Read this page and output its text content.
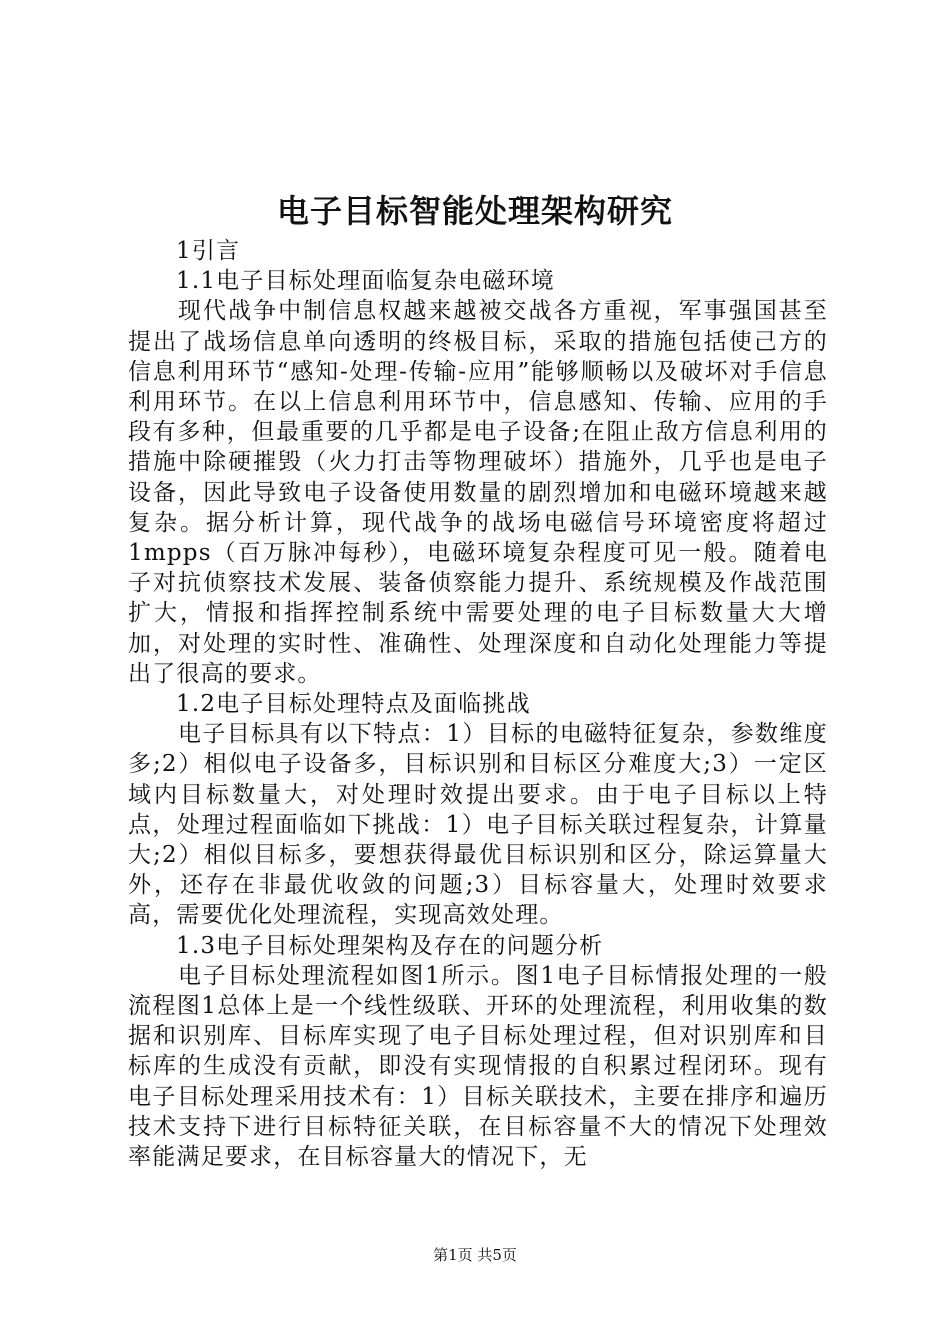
电子目标智能处理架构研究

1引言

1.1电子目标处理面临复杂电磁环境

现代战争中制信息权越来越被交战各方重视，军事强国甚至提出了战场信息单向透明的终极目标，采取的措施包括使己方的信息利用环节“感知-处理-传输-应用”能够顺畅以及破坏对手信息利用环节。在以上信息利用环节中，信息感知、传输、应用的手段有多种，但最重要的几乎都是电子设备;在阻止敌方信息利用的措施中除硬摧毁（火力打击等物理破坏）措施外，几乎也是电子设备，因此导致电子设备使用数量的剧烈增加和电磁环境越来越复杂。据分析计算，现代战争的战场电磁信号环境密度将超过1mpps（百万脉冲每秒），电磁环境复杂程度可见一般。随着电子对抗侦察技术发展、装备侦察能力提升、系统规模及作战范围扩大，情报和指挥控制系统中需要处理的电子目标数量大大增加，对处理的实时性、准确性、处理深度和自动化处理能力等提出了很高的要求。

1.2电子目标处理特点及面临挑战

电子目标具有以下特点：1）目标的电磁特征复杂，参数维度多;2）相似电子设备多，目标识别和目标区分难度大;3）一定区域内目标数量大，对处理时效提出要求。由于电子目标以上特点，处理过程面临如下挑战：1）电子目标关联过程复杂，计算量大;2）相似目标多，要想获得最优目标识别和区分，除运算量大外，还存在非最优收敛的问题;3）目标容量大，处理时效要求高，需要优化处理流程，实现高效处理。

1.3电子目标处理架构及存在的问题分析

电子目标处理流程如图1所示。图1电子目标情报处理的一般流程图1总体上是一个线性级联、开环的处理流程，利用收集的数据和识别库、目标库实现了电子目标处理过程，但对识别库和目标库的生成没有贡献，即没有实现情报的自积累过程闭环。现有电子目标处理采用技术有：1）目标关联技术，主要在排序和遍历技术支持下进行目标特征关联，在目标容量不大的情况下处理效率能满足要求，在目标容量大的情况下，无

第1页 共5页
